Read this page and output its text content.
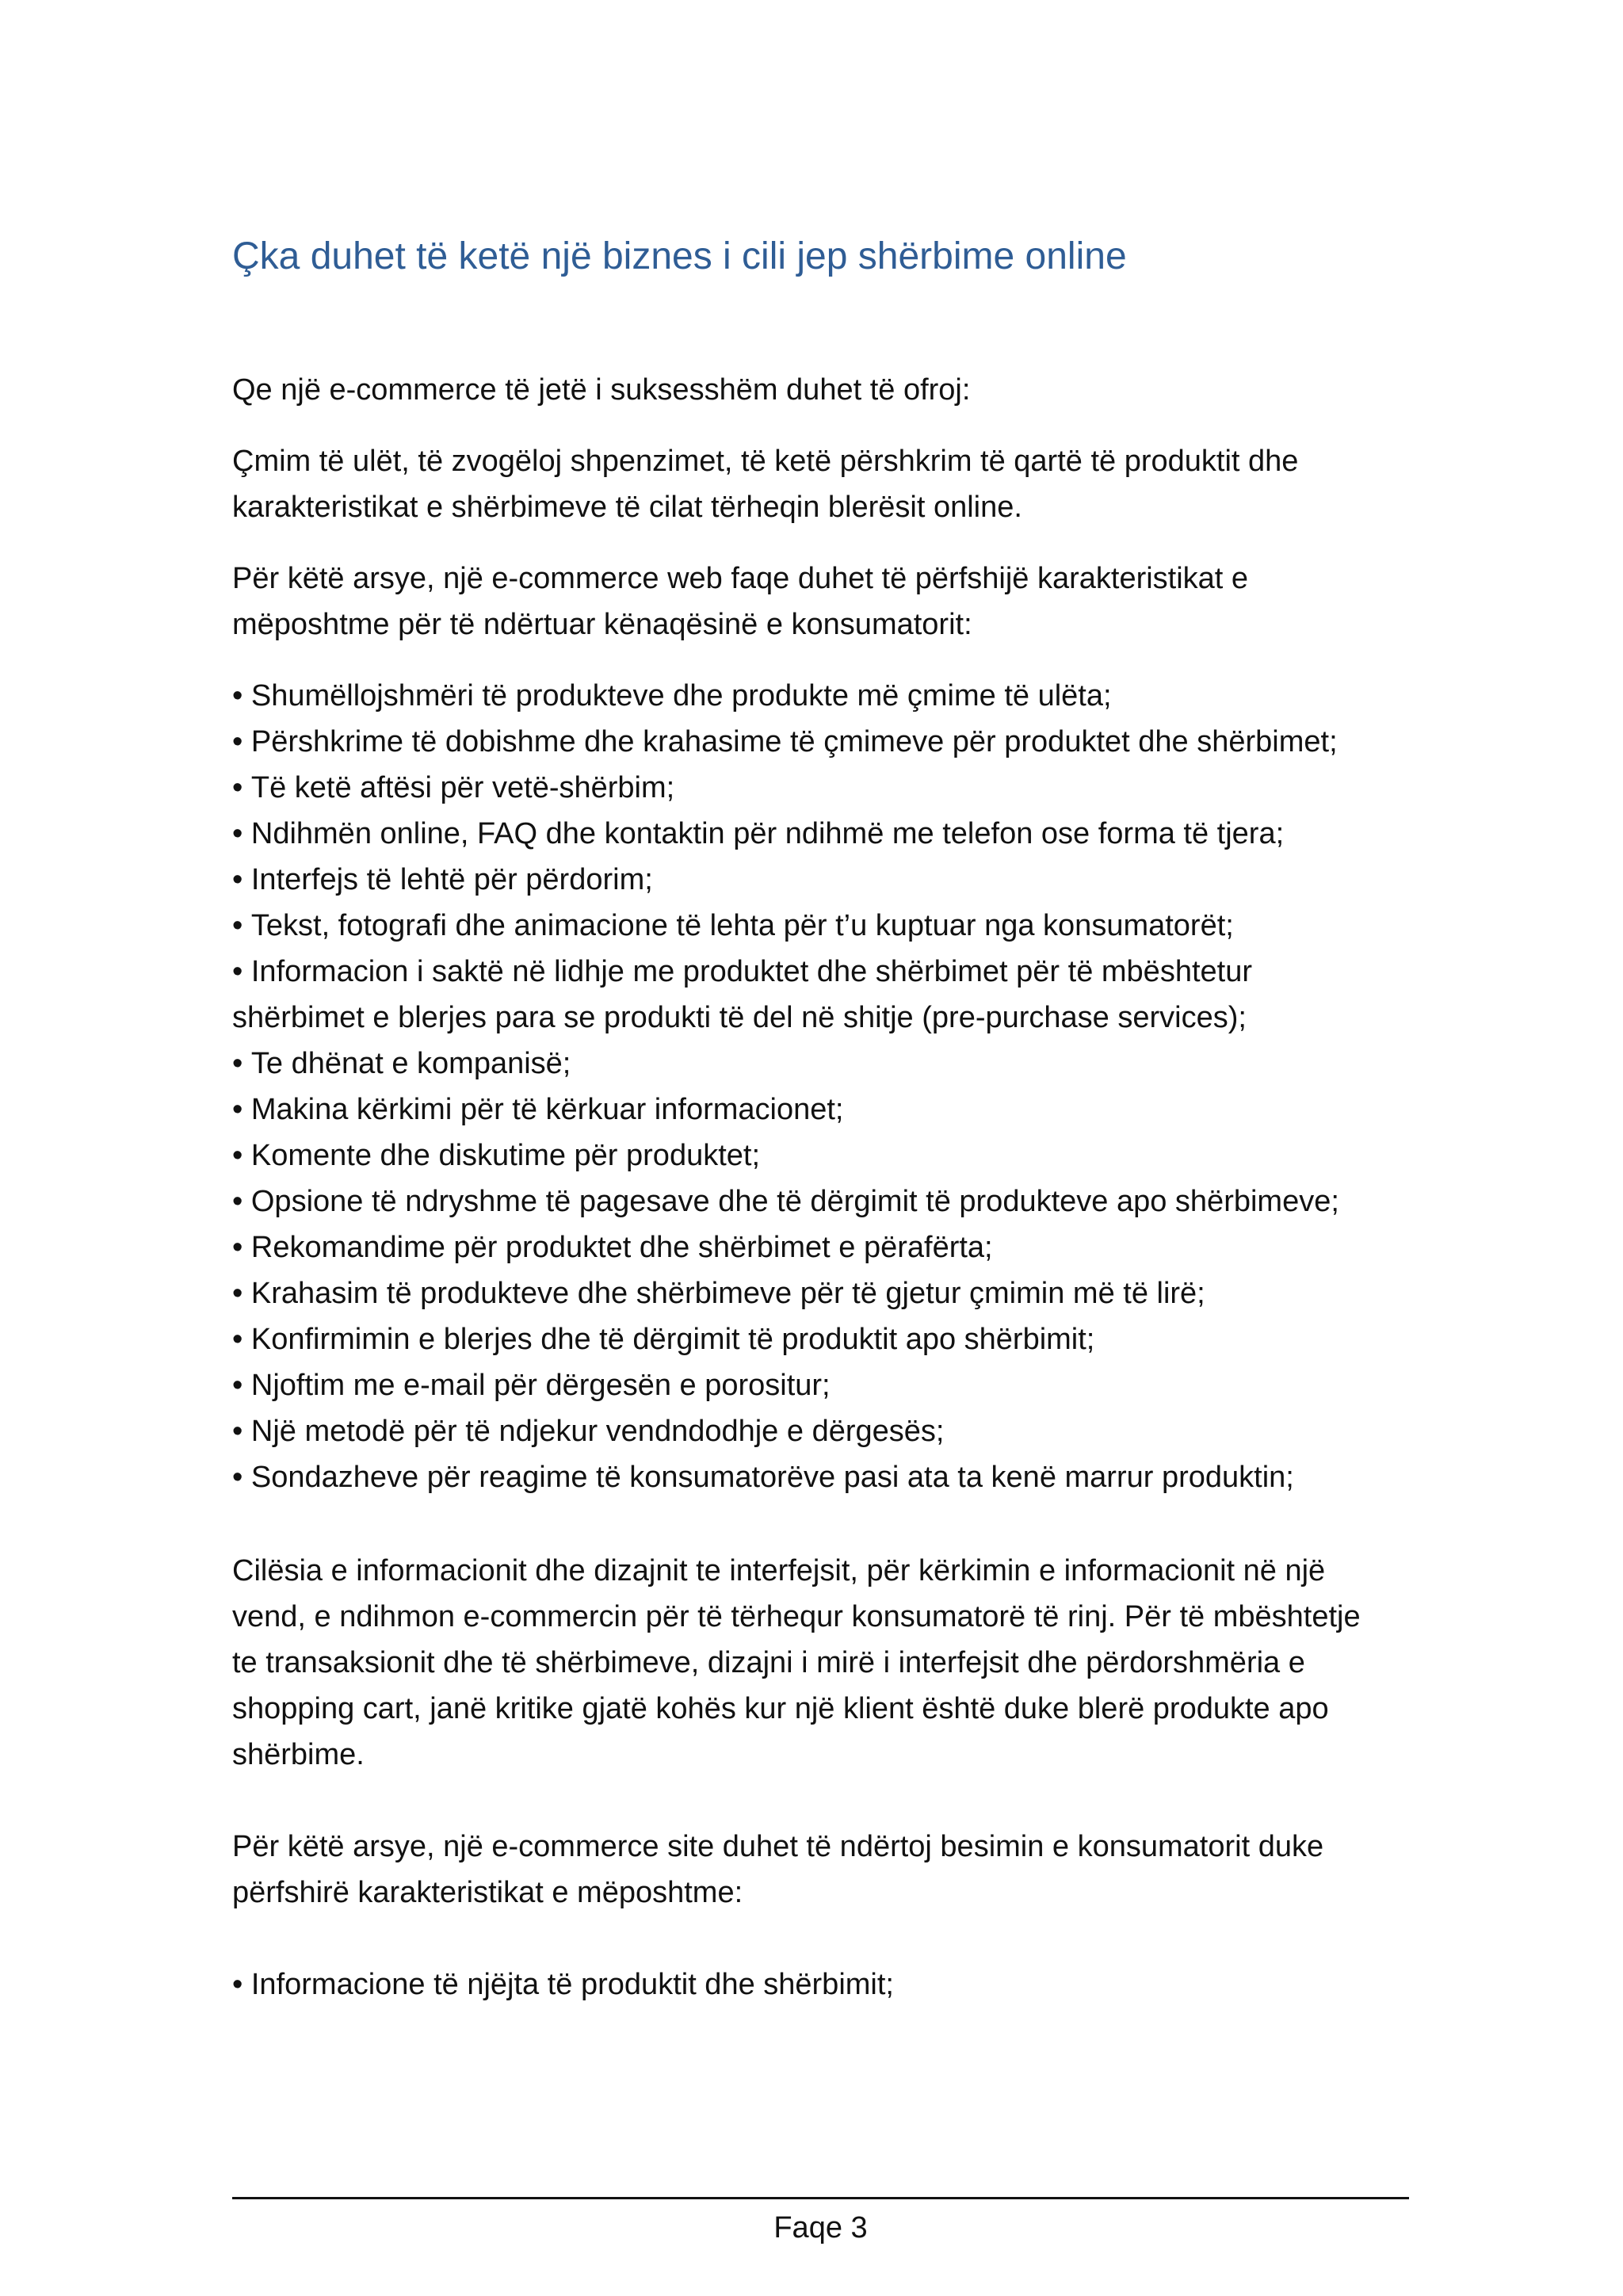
Çka duhet të ketë një biznes i cili jep shërbime online

Qe një e-commerce të jetë i suksesshëm duhet të ofroj:

Çmim të ulët, të zvogëloj shpenzimet, të ketë përshkrim të qartë të produktit dhe karakteristikat e shërbimeve të cilat tërheqin blerësit online.

Për këtë arsye, një e-commerce web faqe duhet të përfshijë karakteristikat e mëposhtme për të ndërtuar kënaqësinë e konsumatorit:

• Shumëllojshmëri të produkteve dhe produkte më çmime të ulëta;
• Përshkrime të dobishme dhe krahasime të çmimeve për produktet dhe shërbimet;
• Të ketë aftësi për vetë-shërbim;
• Ndihmën online, FAQ dhe kontaktin për ndihmë me telefon ose forma të tjera;
• Interfejs të lehtë për përdorim;
• Tekst, fotografi dhe animacione të lehta për t’u kuptuar nga konsumatorët;
• Informacion i saktë në lidhje me produktet dhe shërbimet për të mbështetur shërbimet e blerjes para se produkti të del në shitje (pre-purchase services);
• Te dhënat e kompanisë;
• Makina kërkimi për të kërkuar informacionet;
• Komente dhe diskutime për produktet;
• Opsione të ndryshme të pagesave dhe të dërgimit të produkteve apo shërbimeve;
• Rekomandime për produktet dhe shërbimet e përafërta;
• Krahasim të produkteve dhe shërbimeve për të gjetur çmimin më të lirë;
• Konfirmimin e blerjes dhe të dërgimit të produktit apo shërbimit;
• Njoftim me e-mail për dërgesën e porositur;
• Një metodë për të ndjekur vendndodhje e dërgesës;
• Sondazheve për reagime të konsumatorëve pasi ata ta kenë marrur produktin;

Cilësia e informacionit dhe dizajnit te interfejsit, për kërkimin e informacionit në një vend, e ndihmon e-commercin për të tërhequr konsumatorë të rinj. Për të mbështetje te transaksionit dhe të shërbimeve, dizajni i mirë i interfejsit dhe përdorshmëria e shopping cart, janë kritike gjatë kohës kur një klient është duke blerë produkte apo shërbime.

Për këtë arsye, një e-commerce site duhet të ndërtoj besimin e konsumatorit duke përfshirë karakteristikat e mëposhtme:

• Informacione të njëjta të produktit dhe shërbimit;
Faqe 3
